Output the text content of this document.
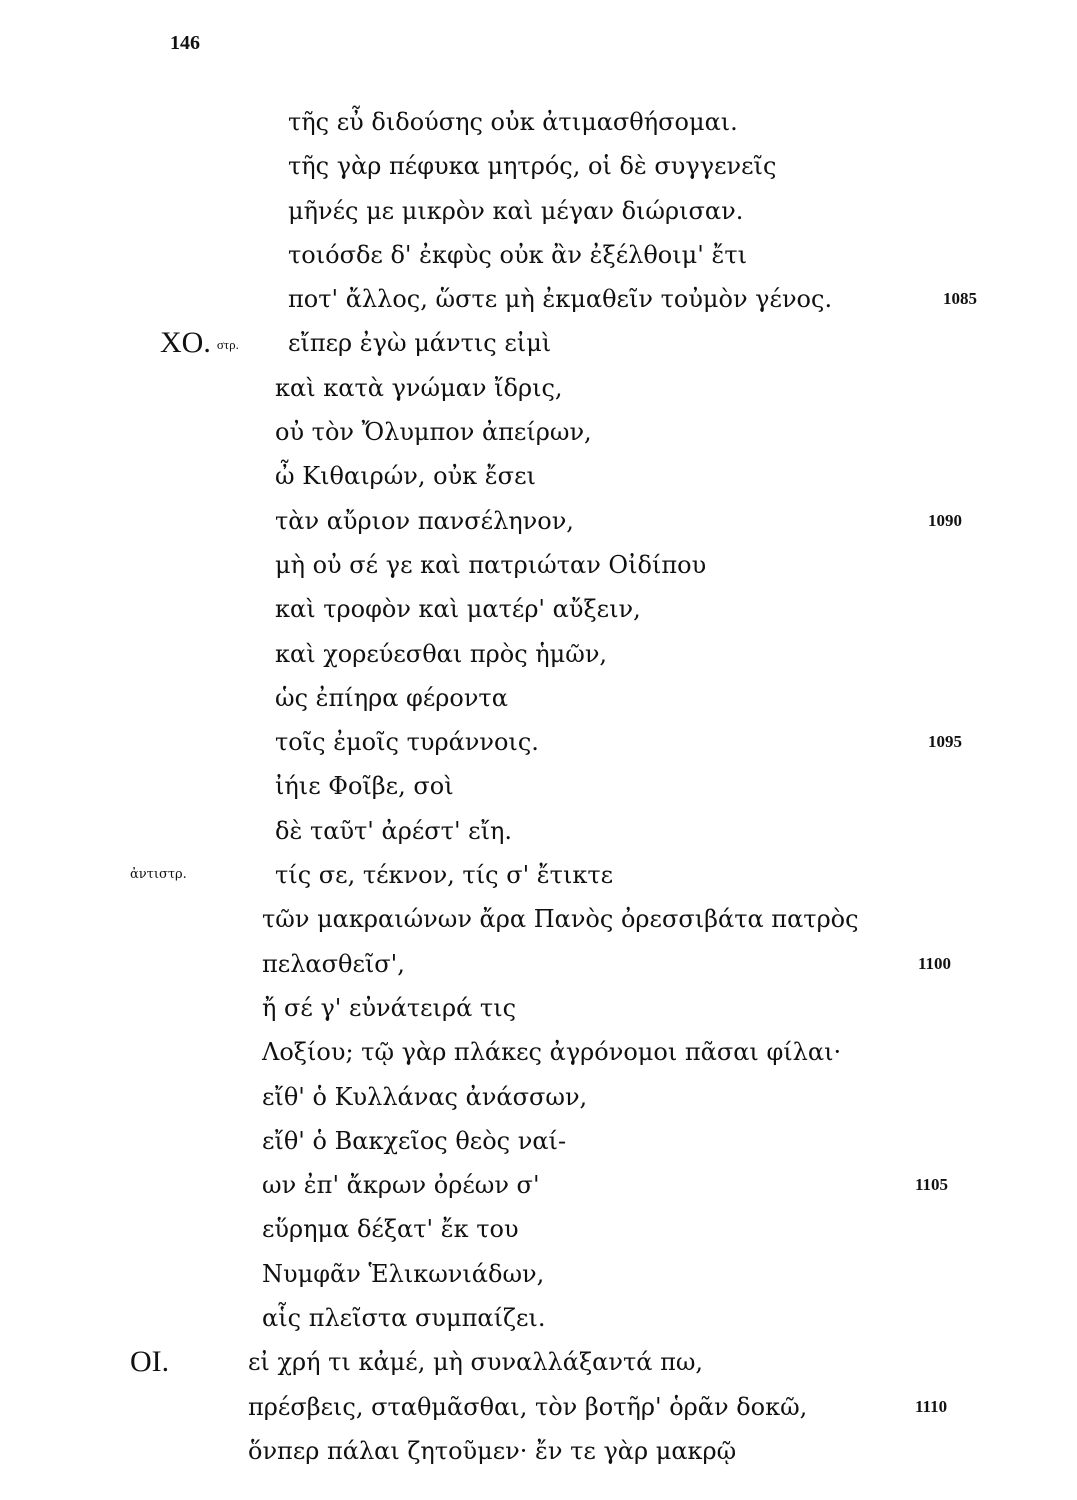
146
τῆς εὖ διδούσης οὐκ ἀτιμασθήσομαι.
τῆς γὰρ πέφυκα μητρός, οἱ δὲ συγγενεῖς
μῆνές με μικρὸν καὶ μέγαν διώρισαν.
τοιόσδε δ' ἐκφὺς οὐκ ἂν ἐξέλθοιμ' ἔτι
ποτ' ἄλλος, ὥστε μὴ ἐκμαθεῖν τοὐμὸν γένος.	1085
ΧΟ. στρ. εἴπερ ἐγὼ μάντις εἰμὶ
καὶ κατὰ γνώμαν ἴδρις,
οὐ τὸν Ὄλυμπον ἀπείρων,
ὦ Κιθαιρών, οὐκ ἔσει
τὰν αὔριον πανσέληνον,	1090
μὴ οὐ σέ γε καὶ πατριώταν Οἰδίπου
καὶ τροφὸν καὶ ματέρ' αὔξειν,
καὶ χορεύεσθαι πρὸς ἡμῶν,
ὡς ἐπίηρα φέροντα
τοῖς ἐμοῖς τυράννοις.	1095
ἰήιε Φοῖβε, σοὶ
δὲ ταῦτ' ἀρέστ' εἴη.
ἀντιστρ.	τίς σε, τέκνον, τίς σ' ἔτικτε
τῶν μακραιώνων ἄρα Πανὸς ὀρεσσιβάτα πατρὸς
πελασθεῖσ',	1100
ἤ σέ γ' εὐνάτειρά τις
Λοξίου; τῷ γὰρ πλάκες ἀγρόνομοι πᾶσαι φίλαι·
εἴθ' ὁ Κυλλάνας ἀνάσσων,
εἴθ' ὁ Βακχεῖος θεὸς ναί-
ων ἐπ' ἄκρων ὀρέων σ'	1105
εὕρημα δέξατ' ἔκ του
Νυμφᾶν Ἑλικωνιάδων,
αἷς πλεῖστα συμπαίζει.
ΟΙ.	εἰ χρή τι κἀμέ, μὴ συναλλάξαντά πω,
πρέσβεις, σταθμᾶσθαι, τὸν βοτῆρ' ὁρᾶν δοκῶ,	1110
ὅνπερ πάλαι ζητοῦμεν· ἔν τε γὰρ μακρῷ
